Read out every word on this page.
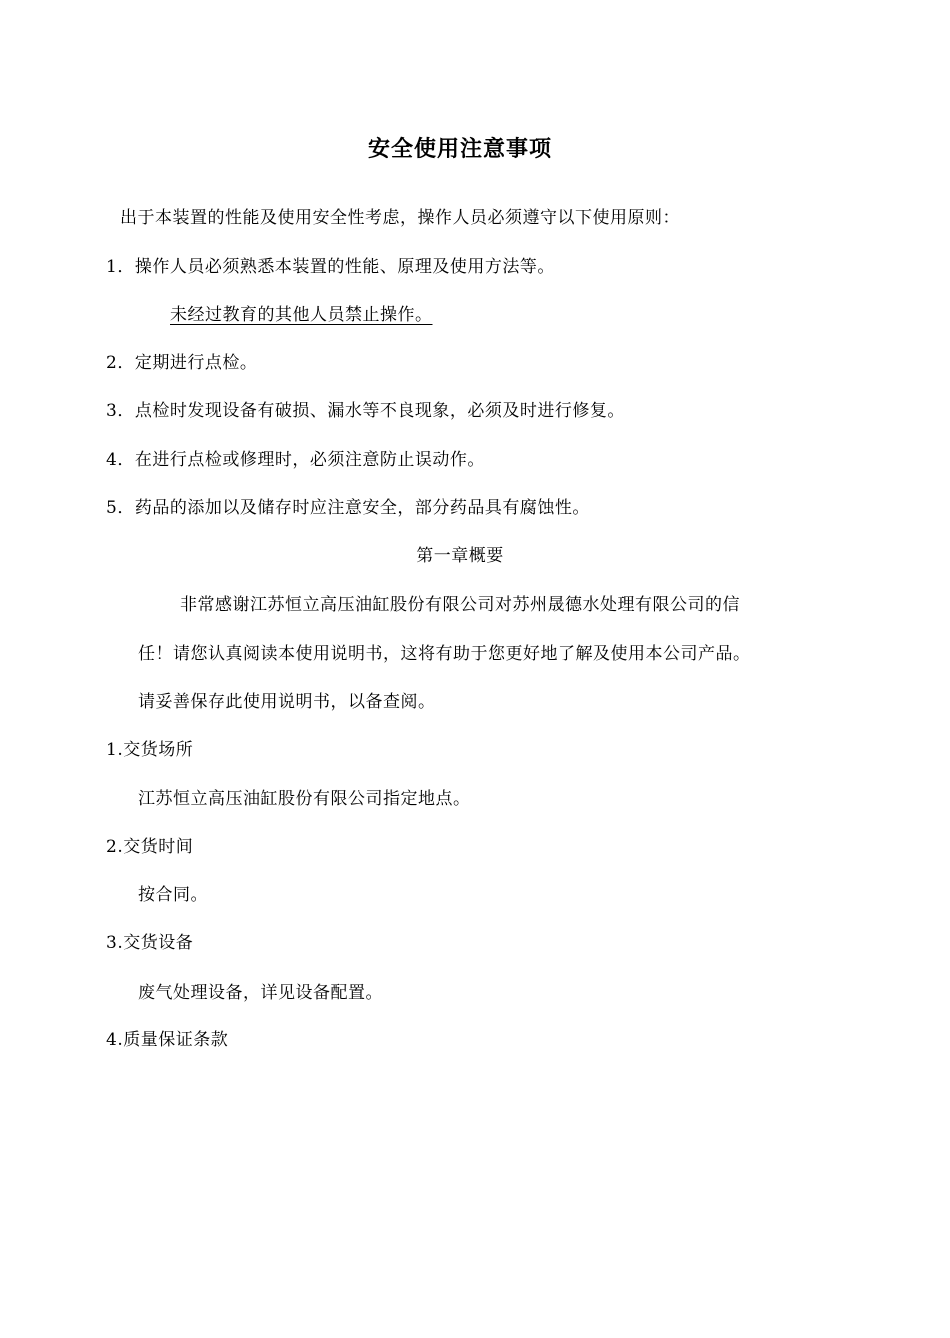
安全使用注意事项
出于本装置的性能及使用安全性考虑，操作人员必须遵守以下使用原则：
1．操作人员必须熟悉本装置的性能、原理及使用方法等。
未经过教育的其他人员禁止操作。
2．定期进行点检。
3．点检时发现设备有破损、漏水等不良现象，必须及时进行修复。
4．在进行点检或修理时，必须注意防止误动作。
5．药品的添加以及储存时应注意安全，部分药品具有腐蚀性。
第一章概要
非常感谢江苏恒立高压油缸股份有限公司对苏州晟德水处理有限公司的信
任！请您认真阅读本使用说明书，这将有助于您更好地了解及使用本公司产品。
请妥善保存此使用说明书，以备查阅。
1.交货场所
江苏恒立高压油缸股份有限公司指定地点。
2.交货时间
按合同。
3.交货设备
废气处理设备，详见设备配置。
4.质量保证条款
